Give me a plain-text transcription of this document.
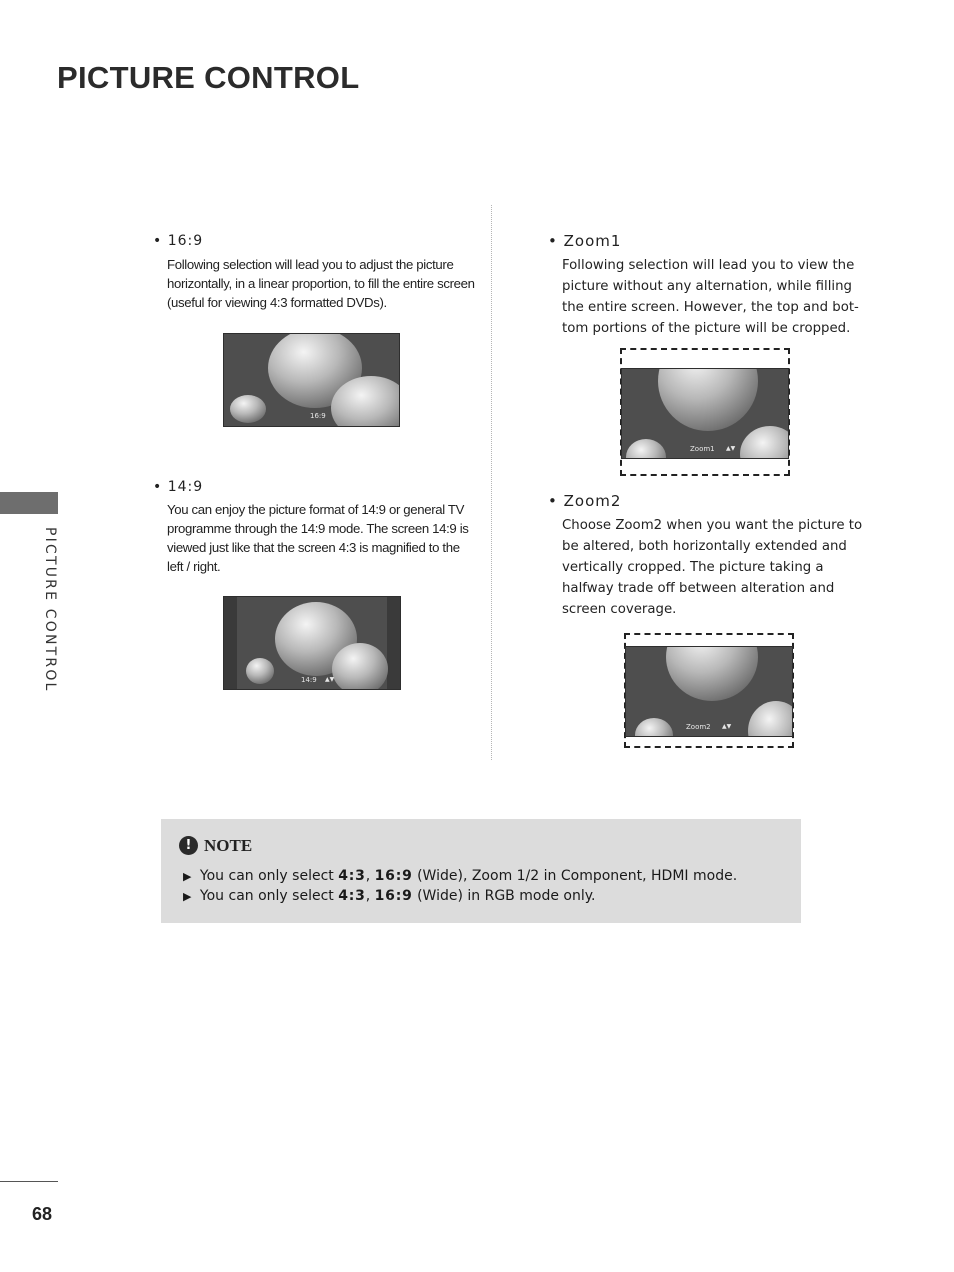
PICTURE CONTROL
PICTURE CONTROL
• 16:9
Following selection will lead you to adjust the picture horizontally, in a linear proportion, to fill the entire screen (useful for viewing 4:3 formatted DVDs).
16:9
• 14:9
You can enjoy the picture format of 14:9 or general TV programme through the 14:9 mode. The screen 14:9 is viewed just like that the screen 4:3 is magnified to the left / right.
14:9 ▲▼
• Zoom1
Following selection will lead you to view the picture without any alternation, while filling the entire screen. However, the top and bot-tom portions of the picture will be cropped.
Zoom1 ▲▼
• Zoom2
Choose Zoom2 when you want the picture to be altered, both horizontally extended and vertically cropped. The picture taking a halfway trade off between alteration and screen coverage.
Zoom2 ▲▼
! NOTE
▶ You can only select 4:3, 16:9 (Wide), Zoom 1/2 in Component, HDMI mode.
▶ You can only select 4:3, 16:9 (Wide) in RGB mode only.
68
